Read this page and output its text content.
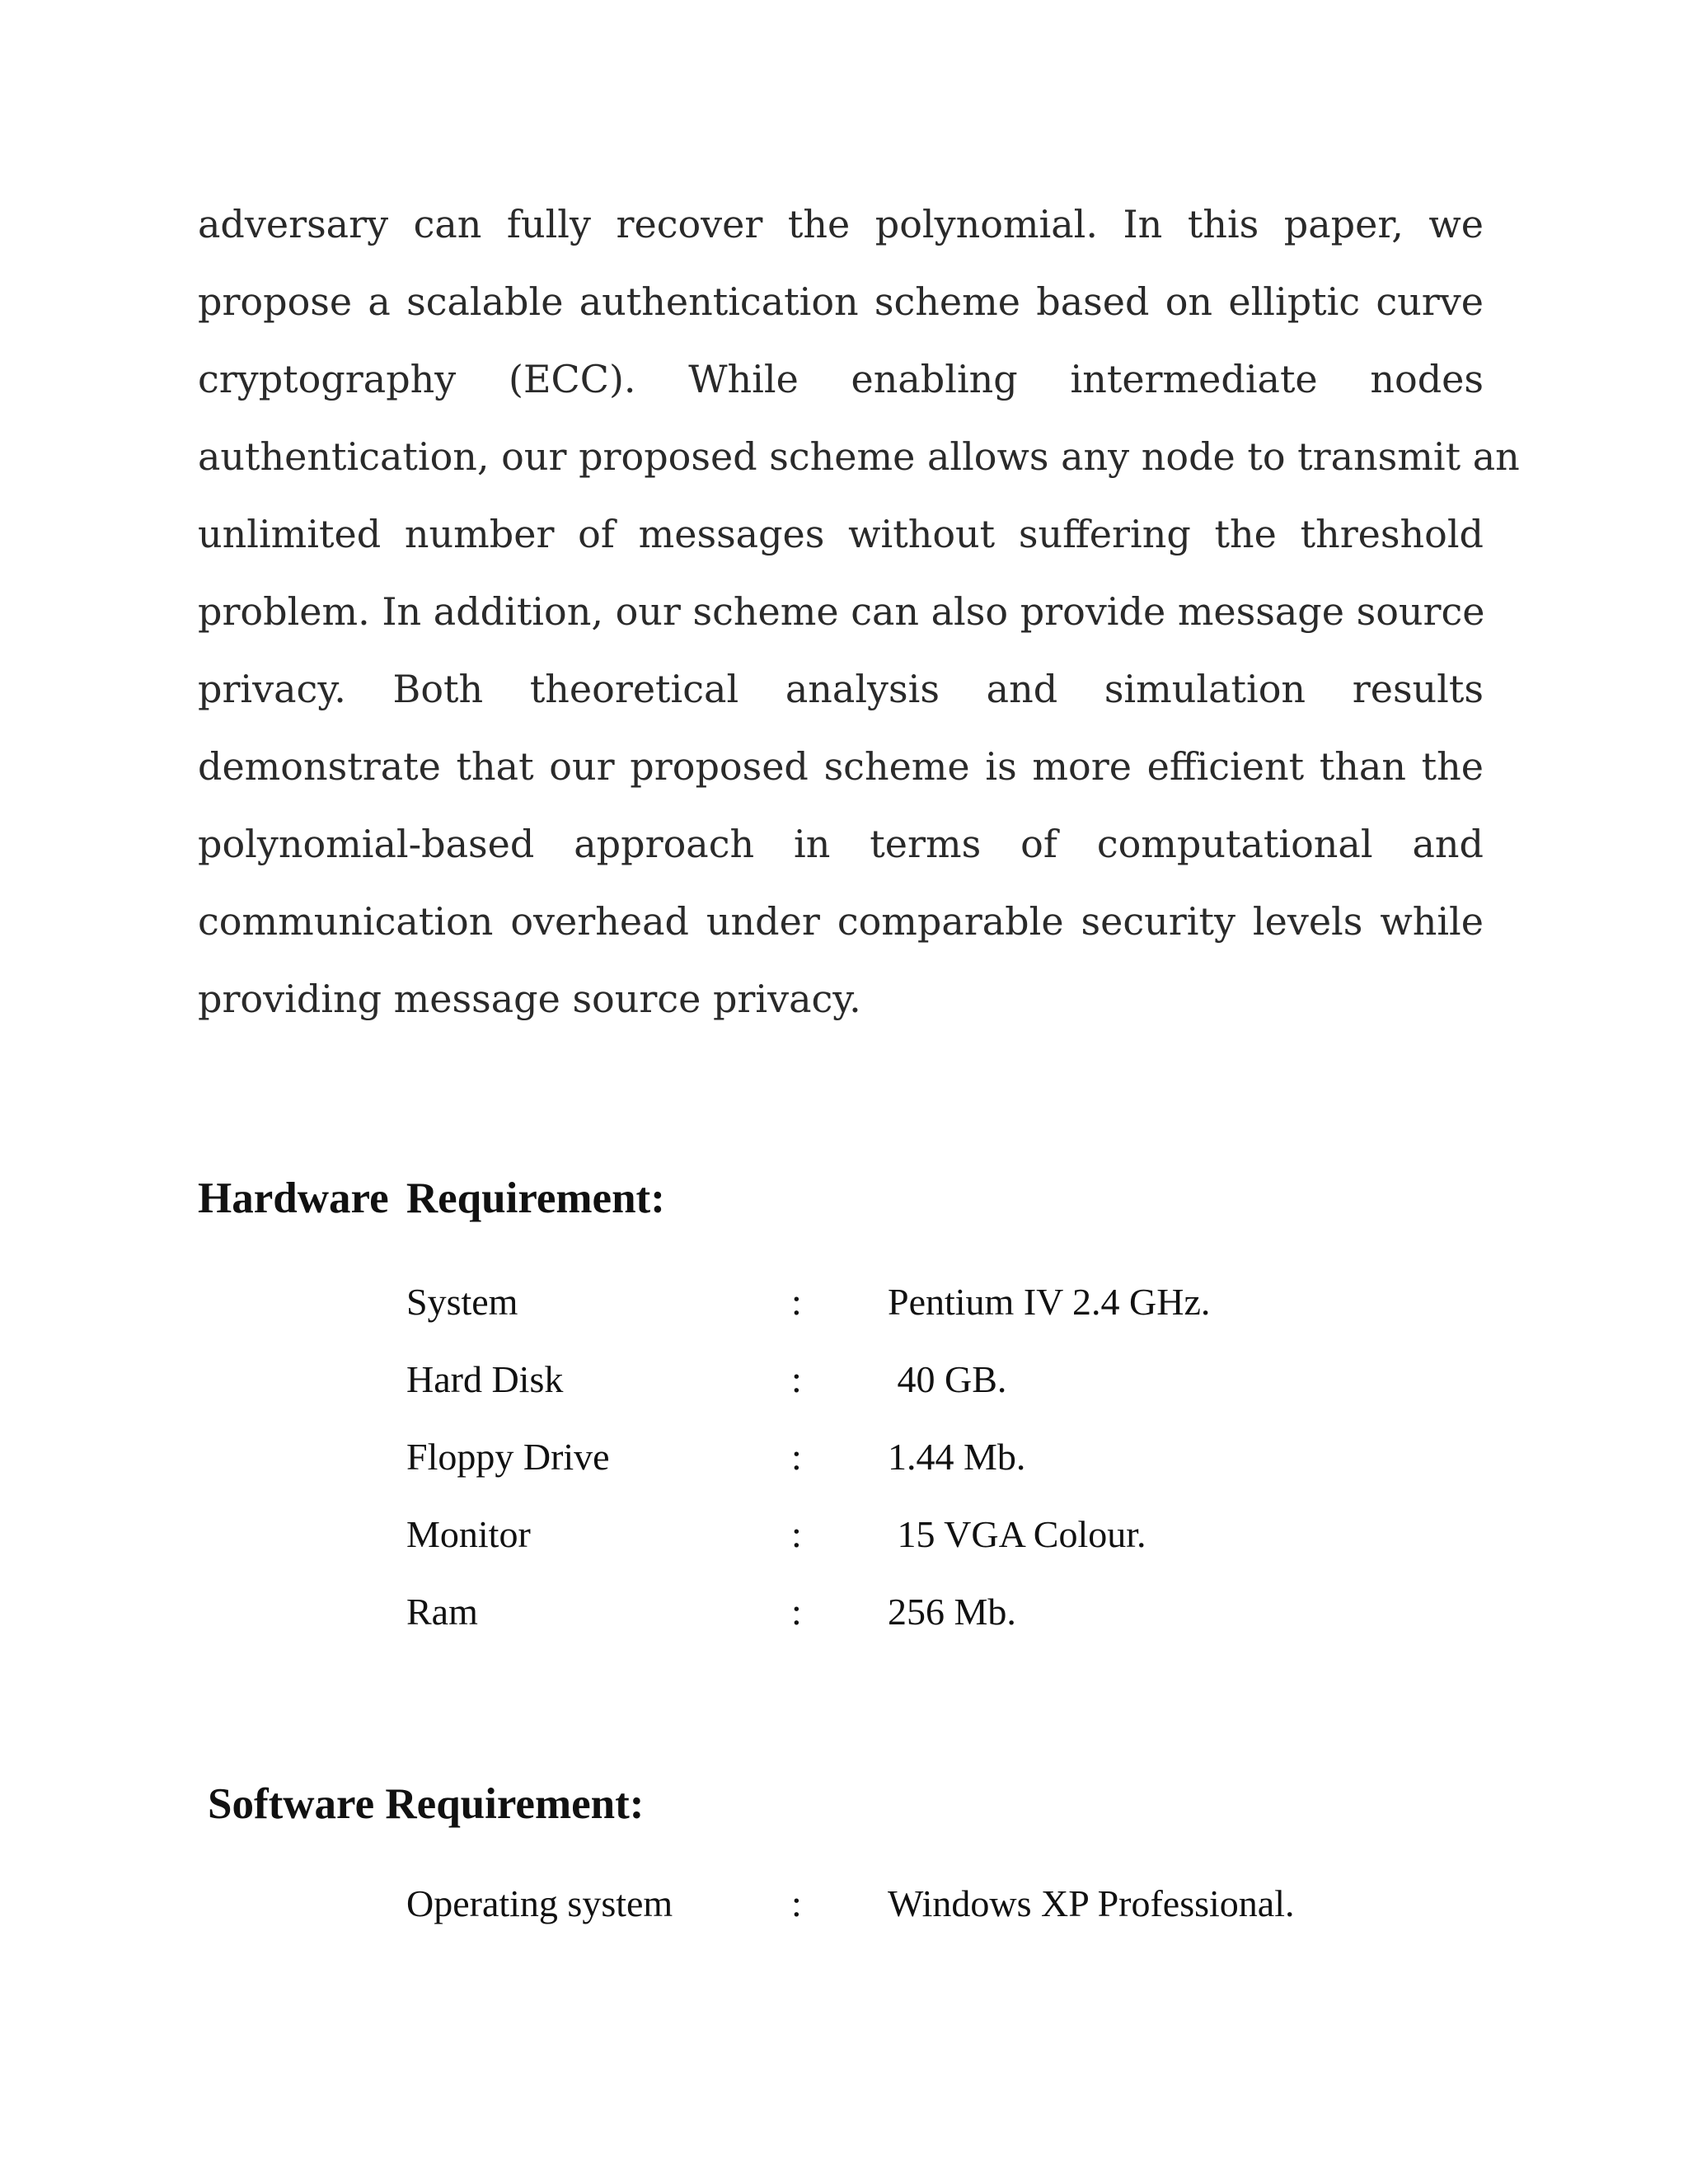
adversary can fully recover the polynomial. In this paper, we
propose a scalable authentication scheme based on elliptic curve
cryptography (ECC). While enabling intermediate nodes
authentication, our proposed scheme allows any node to transmit an
unlimited number of messages without suffering the threshold
problem. In addition, our scheme can also provide message source
privacy. Both theoretical analysis and simulation results
demonstrate that our proposed scheme is more efficient than the
polynomial-based approach in terms of computational and
communication overhead under comparable security levels while
providing message source privacy.
Hardware Requirement:
System	: Pentium IV 2.4 GHz.
Hard Disk	: 40 GB.
Floppy Drive	: 1.44 Mb.
Monitor	: 15 VGA Colour.
Ram	: 256 Mb.
Software Requirement:
Operating system	: Windows XP Professional.
